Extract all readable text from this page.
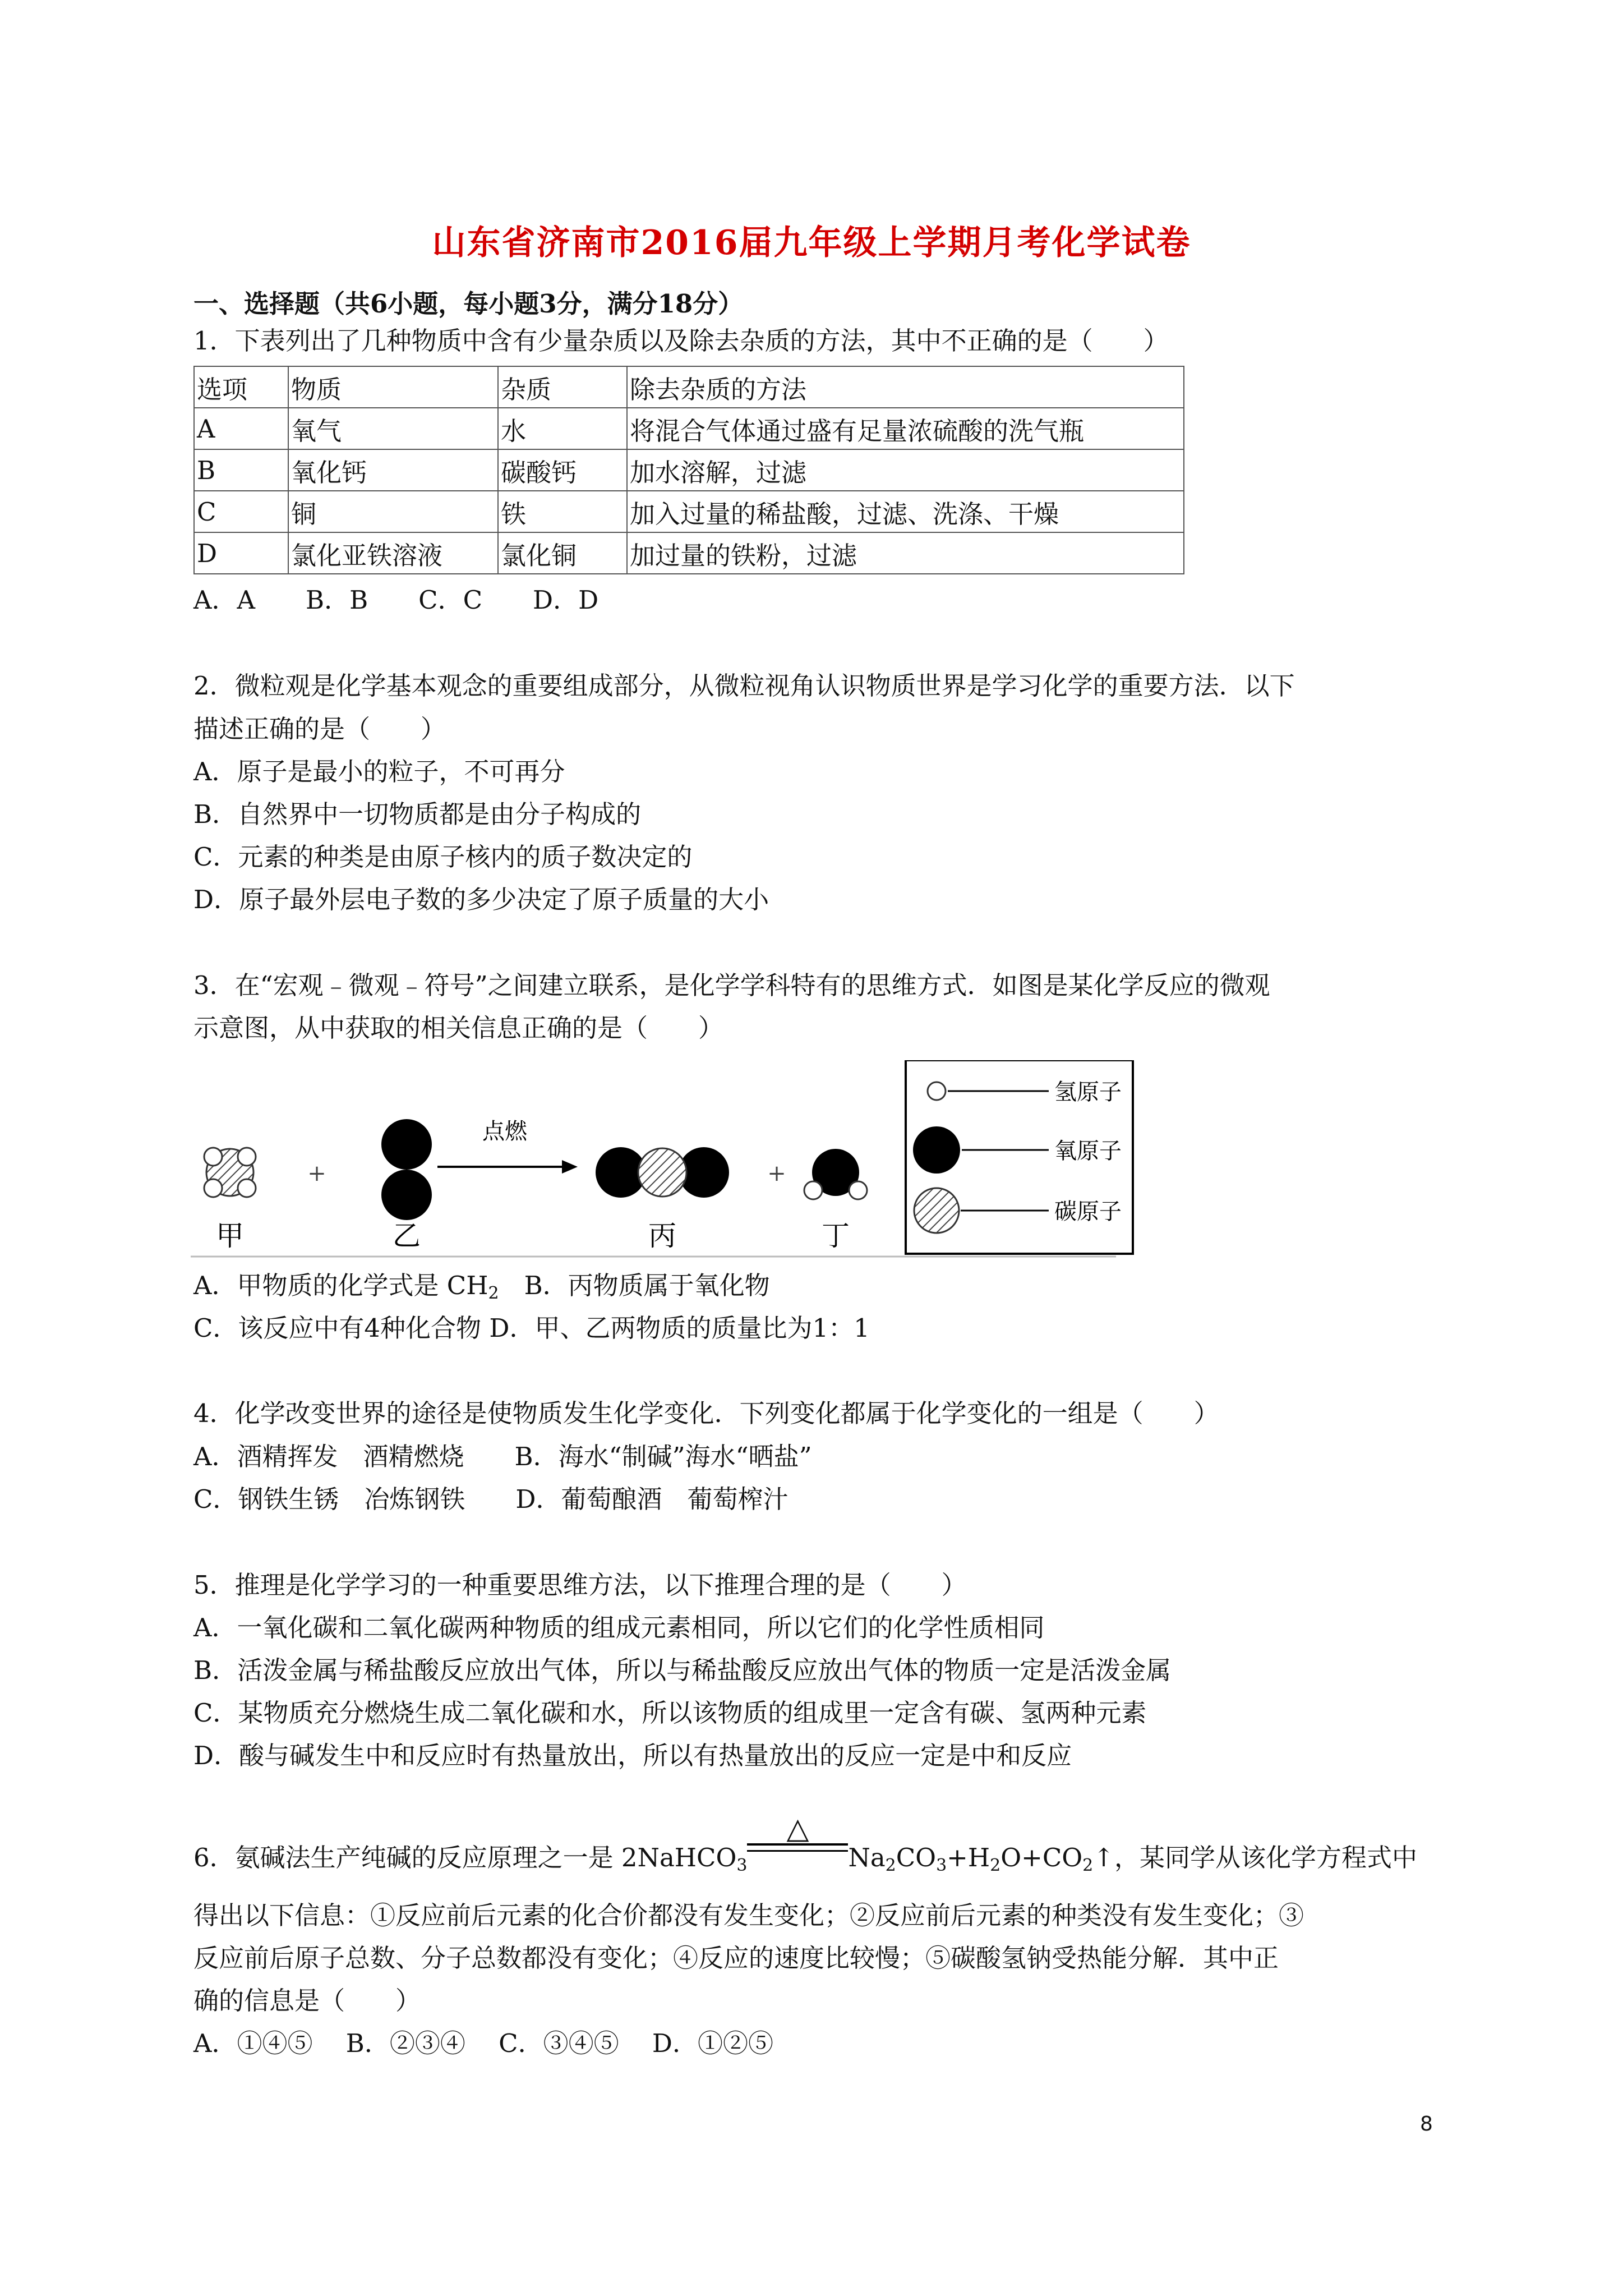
山东省济南市2016届九年级上学期月考化学试卷
一、选择题（共6小题，每小题3分，满分18分）
1．下表列出了几种物质中含有少量杂质以及除去杂质的方法，其中不正确的是（　　）
选项	物质	杂质	除去杂质的方法
A	氧气	水	将混合气体通过盛有足量浓硫酸的洗气瓶
B	氧化钙	碳酸钙	加水溶解，过滤
C	铜	铁	加入过量的稀盐酸，过滤、洗涤、干燥
D	氯化亚铁溶液	氯化铜	加过量的铁粉，过滤
A．A　　B．B　　C．C　　D．D
2．微粒观是化学基本观念的重要组成部分，从微粒视角认识物质世界是学习化学的重要方法．以下
描述正确的是（　　）
A．原子是最小的粒子，不可再分
B．自然界中一切物质都是由分子构成的
C．元素的种类是由原子核内的质子数决定的
D．原子最外层电子数的多少决定了原子质量的大小
3．在“宏观﹣微观﹣符号”之间建立联系，是化学学科特有的思维方式．如图是某化学反应的微观
示意图，从中获取的相关信息正确的是（　　）
+
点燃
+
甲	乙	丙	丁
氢原子
氧原子
碳原子
A．甲物质的化学式是 $CH_2$　B．丙物质属于氧化物
C．该反应中有4种化合物 D．甲、乙两物质的质量比为1：1
4．化学改变世界的途径是使物质发生化学变化．下列变化都属于化学变化的一组是（　　）
A．酒精挥发　酒精燃烧　　B．海水“制碱”海水“晒盐”
C．钢铁生锈　冶炼钢铁　　D．葡萄酿酒　葡萄榨汁
5．推理是化学学习的一种重要思维方法，以下推理合理的是（　　）
A．一氧化碳和二氧化碳两种物质的组成元素相同，所以它们的化学性质相同
B．活泼金属与稀盐酸反应放出气体，所以与稀盐酸反应放出气体的物质一定是活泼金属
C．某物质充分燃烧生成二氧化碳和水，所以该物质的组成里一定含有碳、氢两种元素
D．酸与碱发生中和反应时有热量放出，所以有热量放出的反应一定是中和反应
6．氨碱法生产纯碱的反应原理之一是 2NaHCO$_3$
△
$Na_2CO_3+H_2O+CO_2↑$，某同学从该化学方程式中
得出以下信息：①反应前后元素的化合价都没有发生变化；②反应前后元素的种类没有发生变化；③
反应前后原子总数、分子总数都没有变化；④反应的速度比较慢；⑤碳酸氢钠受热能分解．其中正
确的信息是（　　）
A．①④⑤　 B．②③④　 C．③④⑤　 D．①②⑤
8
